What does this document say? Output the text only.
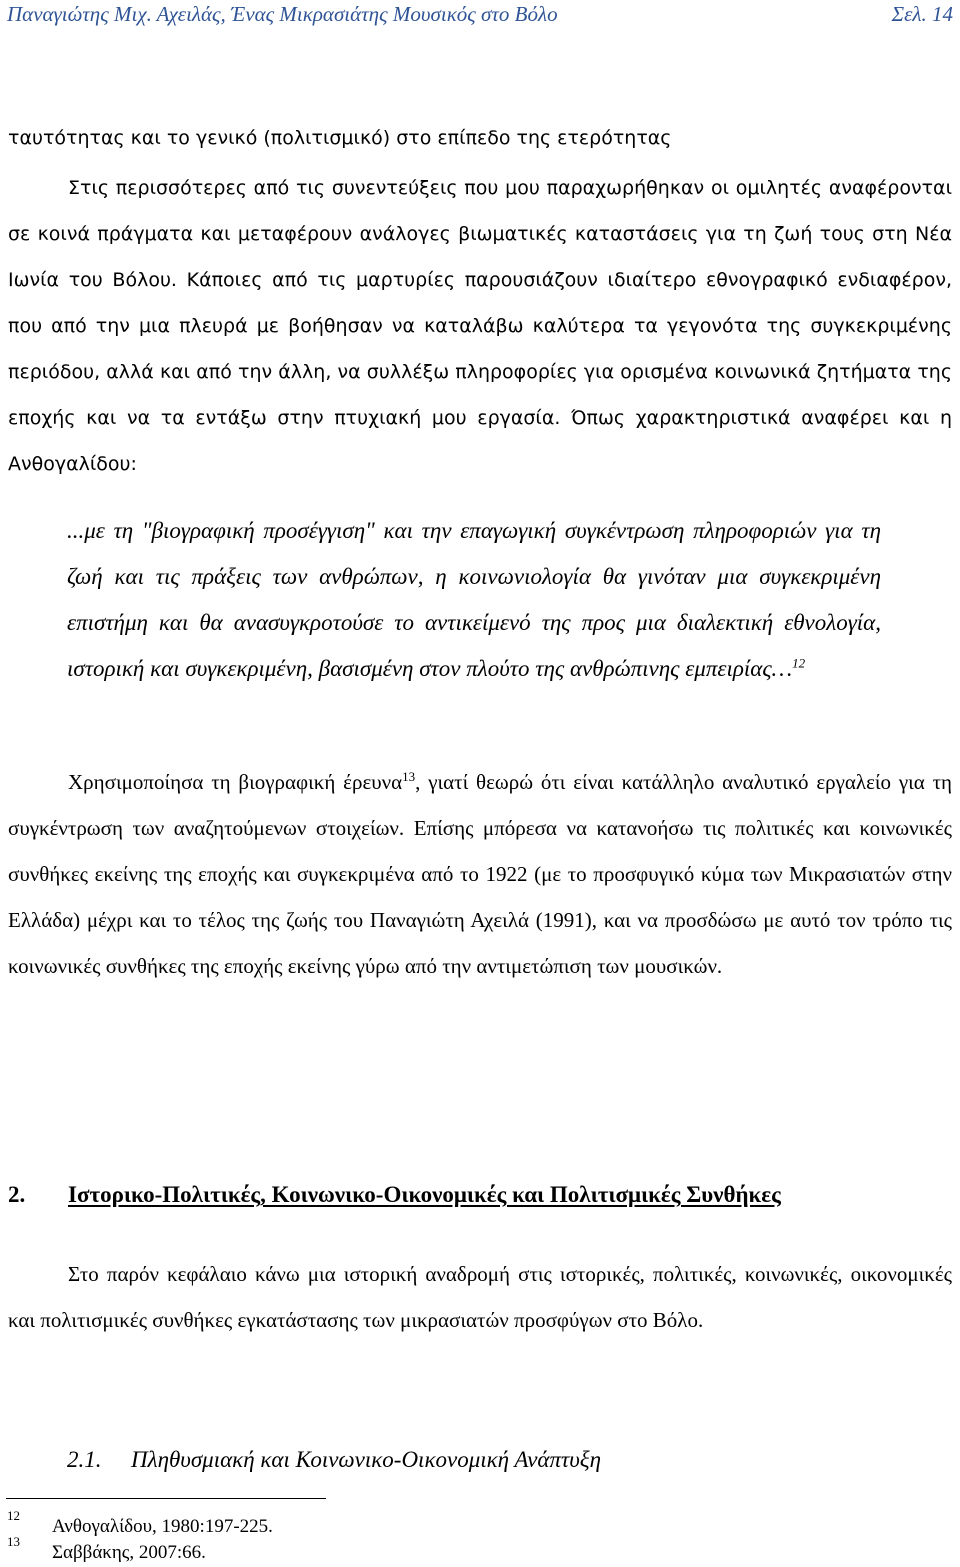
Παναγιώτης Μιχ. Αχειλάς, Ένας Μικρασιάτης Μουσικός στο Βόλο	Σελ. 14

ταυτότητας και το γενικό (πολιτισμικό) στο επίπεδο της ετερότητας

Στις περισσότερες από τις συνεντεύξεις που μου παραχωρήθηκαν οι ομιλητές αναφέρονται σε κοινά πράγματα και μεταφέρουν ανάλογες βιωματικές καταστάσεις για τη ζωή τους στη Νέα Ιωνία του Βόλου. Κάποιες από τις μαρτυρίες παρουσιάζουν ιδιαίτερο εθνογραφικό ενδιαφέρον, που από την μια πλευρά με βοήθησαν να καταλάβω καλύτερα τα γεγονότα της συγκεκριμένης περιόδου, αλλά και από την άλλη, να συλλέξω πληροφορίες για ορισμένα κοινωνικά ζητήματα της εποχής και να τα εντάξω στην πτυχιακή μου εργασία. Όπως χαρακτηριστικά αναφέρει και η Ανθογαλίδου:

...με τη "βιογραφική προσέγγιση" και την επαγωγική συγκέντρωση πληροφοριών για τη ζωή και τις πράξεις των ανθρώπων, η κοινωνιολογία θα γινόταν μια συγκεκριμένη επιστήμη και θα ανασυγκροτούσε το αντικείμενό της προς μια διαλεκτική εθνολογία, ιστορική και συγκεκριμένη, βασισμένη στον πλούτο της ανθρώπινης εμπειρίας…$^{12}$

Χρησιμοποίησα τη βιογραφική έρευνα$^{13}$, γιατί θεωρώ ότι είναι κατάλληλο αναλυτικό εργαλείο για τη συγκέντρωση των αναζητούμενων στοιχείων. Επίσης μπόρεσα να κατανοήσω τις πολιτικές και κοινωνικές συνθήκες εκείνης της εποχής και συγκεκριμένα από το 1922 (με το προσφυγικό κύμα των Μικρασιατών στην Ελλάδα) μέχρι και το τέλος της ζωής του Παναγιώτη Αχειλά (1991), και να προσδώσω με αυτό τον τρόπο τις κοινωνικές συνθήκες της εποχής εκείνης γύρω από την αντιμετώπιση των μουσικών.

2. Ιστορικο-Πολιτικές, Κοινωνικο-Οικονομικές και Πολιτισμικές Συνθήκες

Στο παρόν κεφάλαιο κάνω μια ιστορική αναδρομή στις ιστορικές, πολιτικές, κοινωνικές, οικονομικές και πολιτισμικές συνθήκες εγκατάστασης των μικρασιατών προσφύγων στο Βόλο.

2.1. Πληθυσμιακή και Κοινωνικο-Οικονομική Ανάπτυξη
12
Ανθογαλίδου, 1980:197-225.
13
Σαββάκης, 2007:66.
